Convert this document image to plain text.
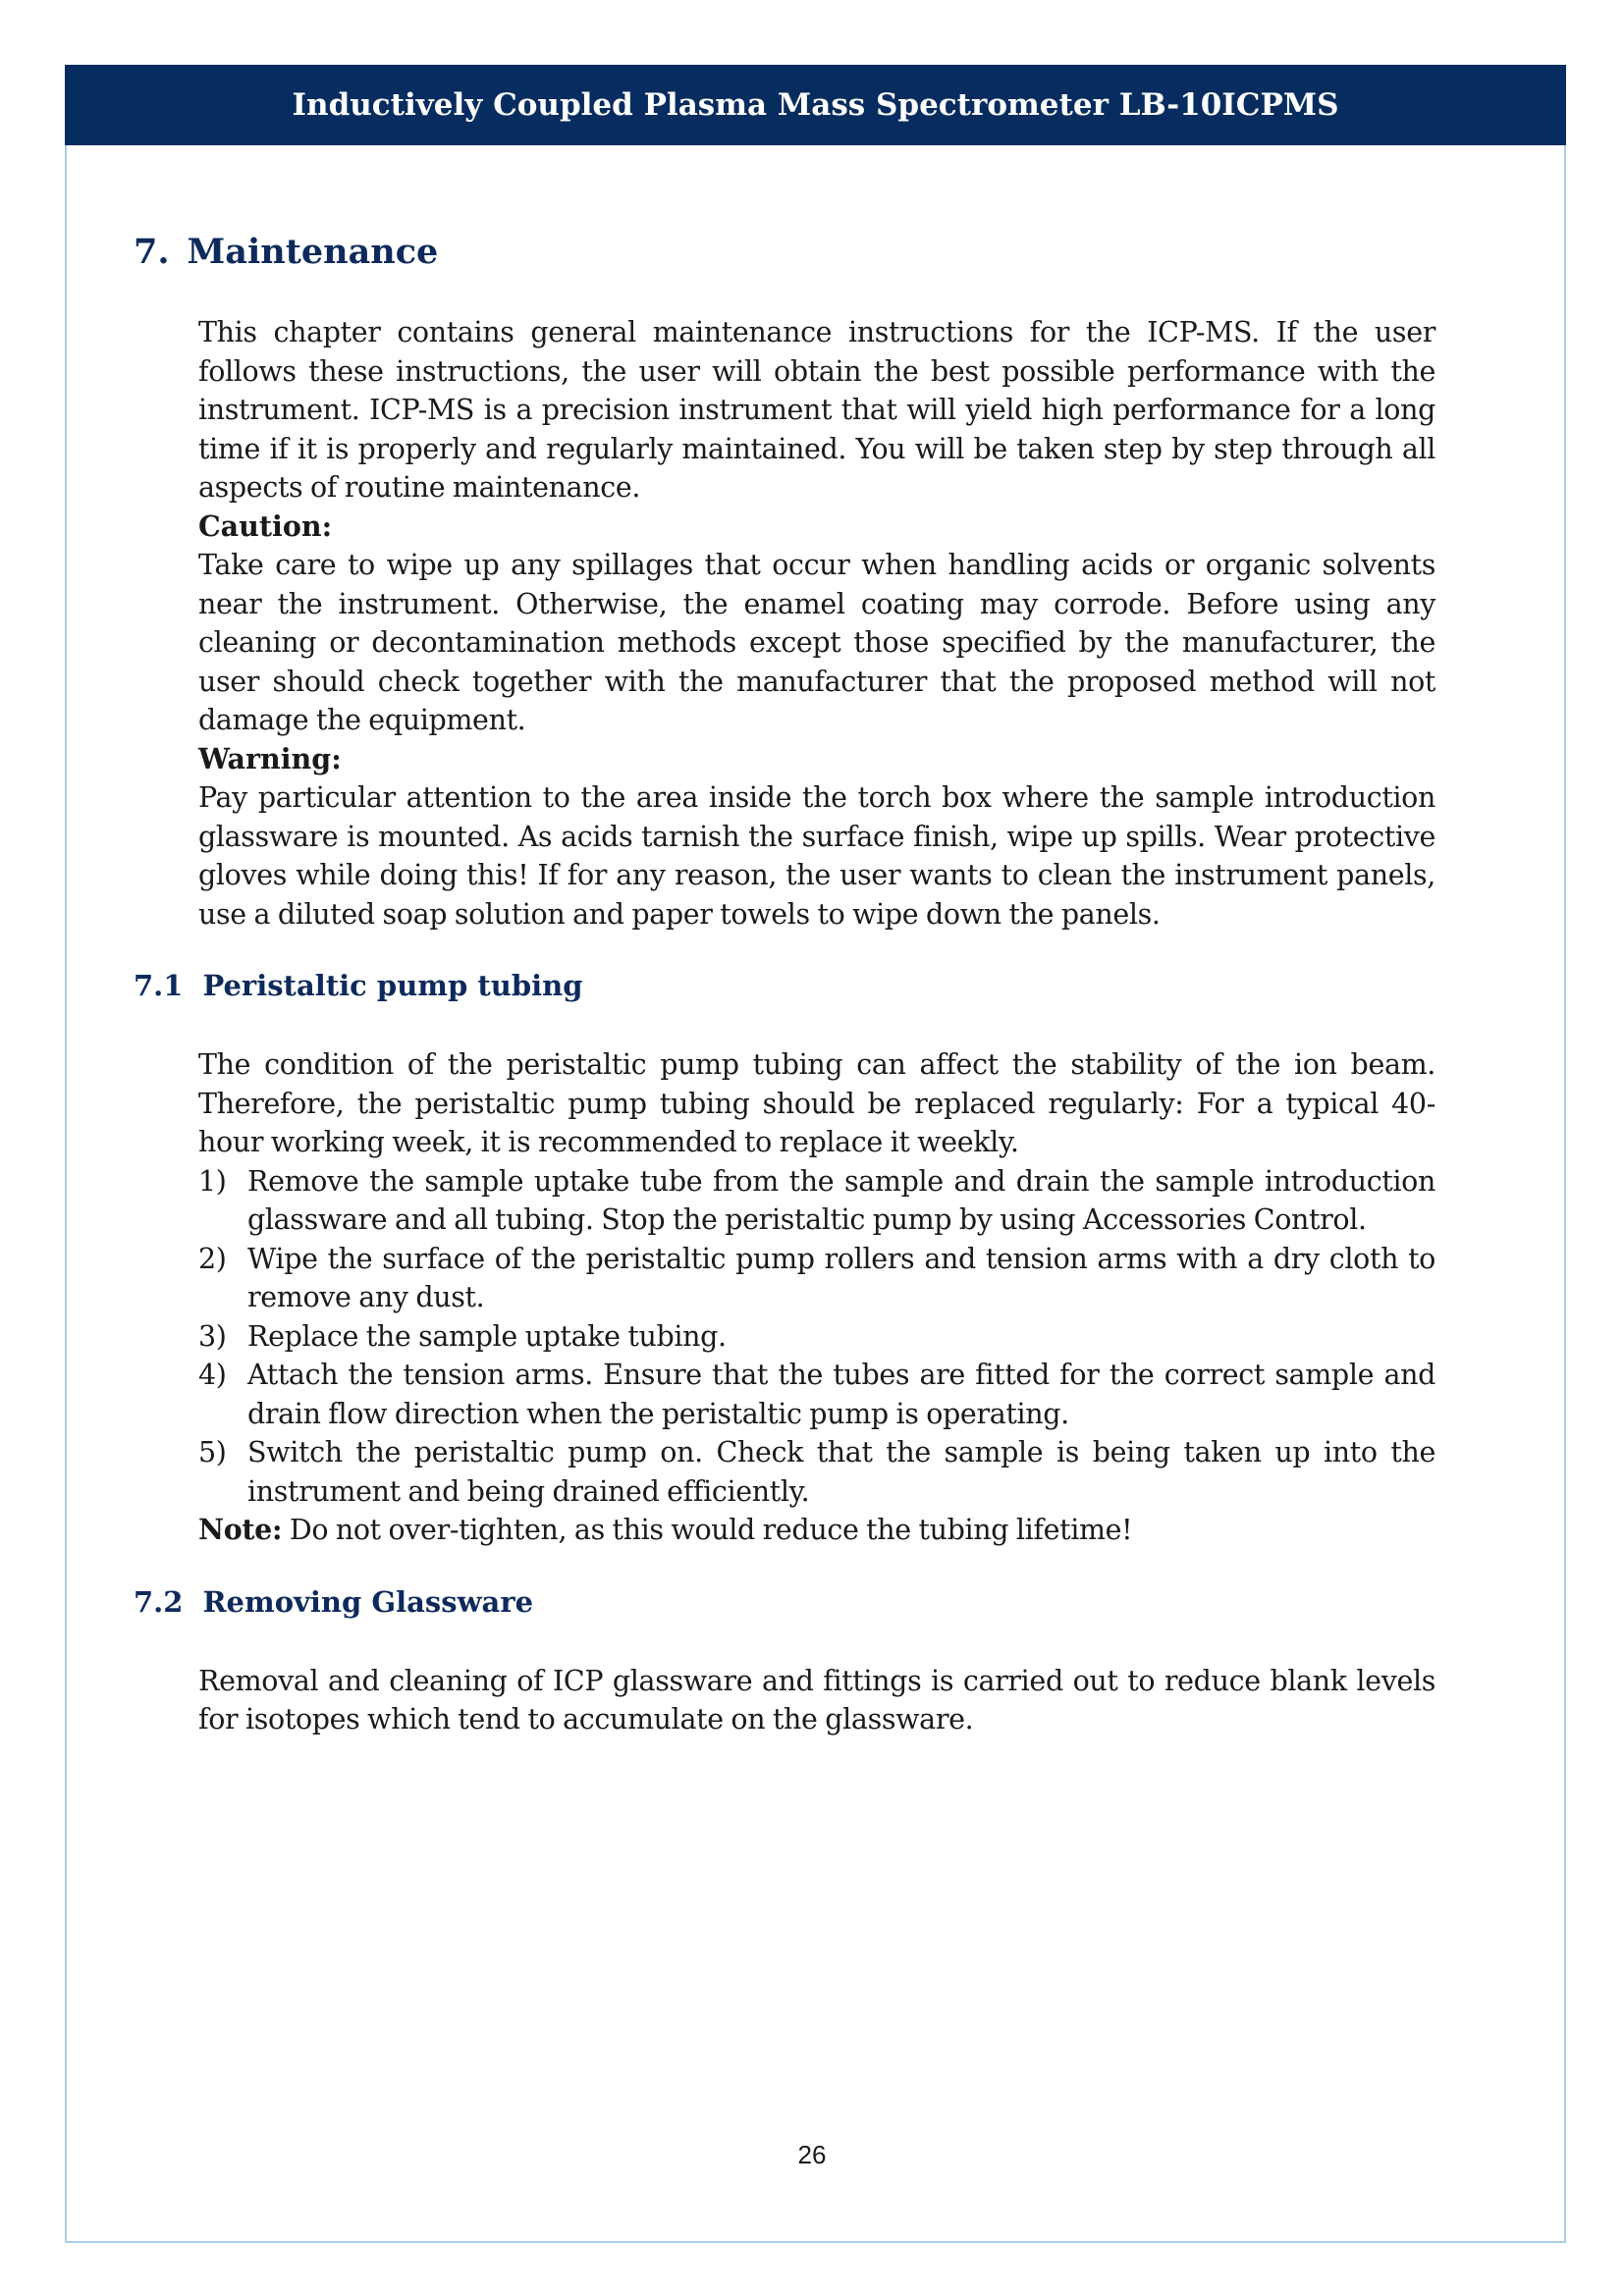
Inductively Coupled Plasma Mass Spectrometer LB-10ICPMS
7. Maintenance

This chapter contains general maintenance instructions for the ICP-MS. If the user follows these instructions, the user will obtain the best possible performance with the instrument. ICP-MS is a precision instrument that will yield high performance for a long time if it is properly and regularly maintained. You will be taken step by step through all aspects of routine maintenance.

Caution:

Take care to wipe up any spillages that occur when handling acids or organic solvents near the instrument. Otherwise, the enamel coating may corrode. Before using any cleaning or decontamination methods except those specified by the manufacturer, the user should check together with the manufacturer that the proposed method will not damage the equipment.

Warning:

Pay particular attention to the area inside the torch box where the sample introduction glassware is mounted. As acids tarnish the surface finish, wipe up spills. Wear protective gloves while doing this! If for any reason, the user wants to clean the instrument panels, use a diluted soap solution and paper towels to wipe down the panels.

7.1 Peristaltic pump tubing

The condition of the peristaltic pump tubing can affect the stability of the ion beam. Therefore, the peristaltic pump tubing should be replaced regularly: For a typical 40-hour working week, it is recommended to replace it weekly.

1) Remove the sample uptake tube from the sample and drain the sample introduction glassware and all tubing. Stop the peristaltic pump by using Accessories Control.
2) Wipe the surface of the peristaltic pump rollers and tension arms with a dry cloth to remove any dust.
3) Replace the sample uptake tubing.
4) Attach the tension arms. Ensure that the tubes are fitted for the correct sample and drain flow direction when the peristaltic pump is operating.
5) Switch the peristaltic pump on. Check that the sample is being taken up into the instrument and being drained efficiently.

Note: Do not over-tighten, as this would reduce the tubing lifetime!

7.2 Removing Glassware

Removal and cleaning of ICP glassware and fittings is carried out to reduce blank levels for isotopes which tend to accumulate on the glassware.

26
